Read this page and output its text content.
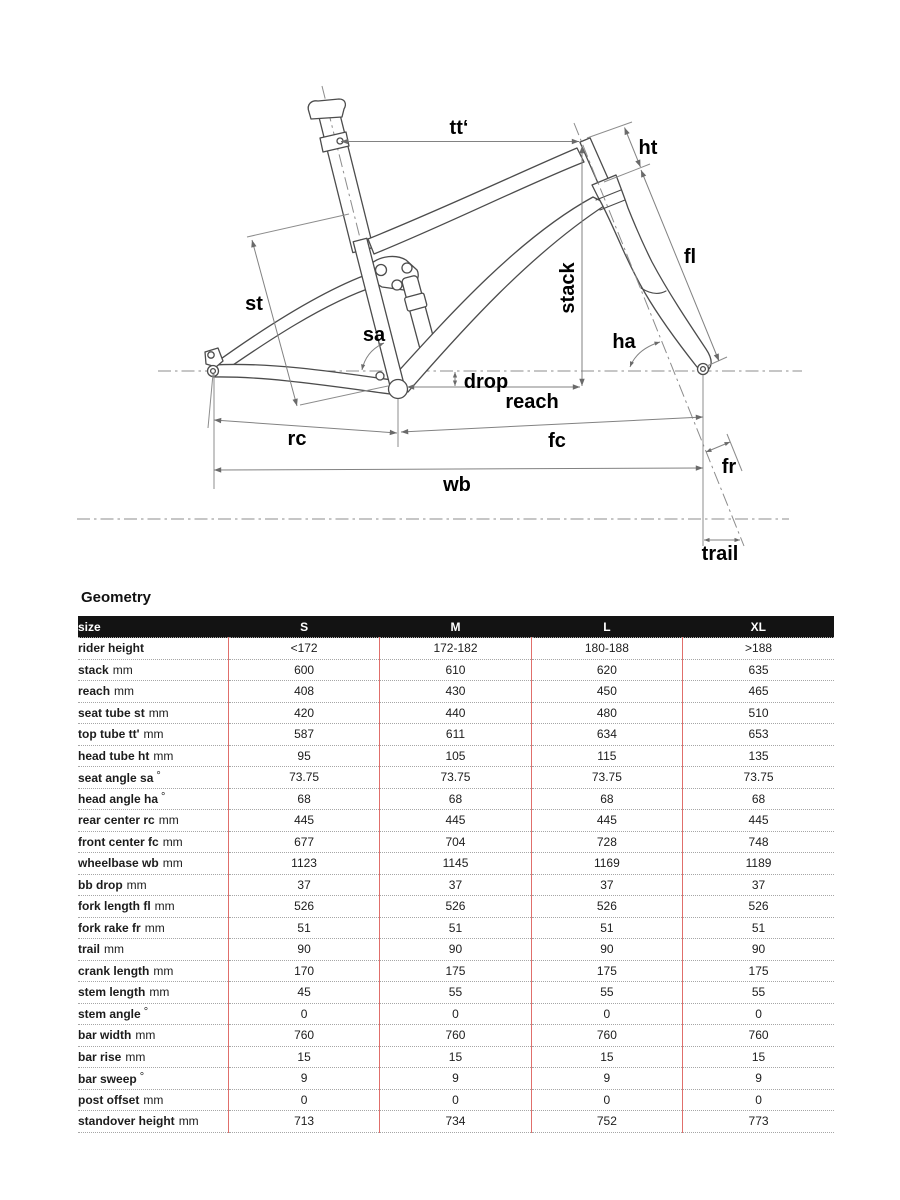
tt‘
ht
fl
stack
st
sa	ha
drop
reach
rc	fc
fr
wb
trail
Geometry
size	S	M	L	XL
rider height	<172	172-182	180-188	>188
stack mm	600	610	620	635
reach mm	408	430	450	465
seat tube st mm	420	440	480	510
top tube tt' mm	587	611	634	653
head tube ht mm	95	105	115	135
seat angle sa °	73.75	73.75	73.75	73.75
head angle ha °	68	68	68	68
rear center rc mm	445	445	445	445
front center fc mm	677	704	728	748
wheelbase wb mm	1123	1145	1169	1189
bb drop mm	37	37	37	37
fork length fl mm	526	526	526	526
fork rake fr mm	51	51	51	51
trail mm	90	90	90	90
crank length mm	170	175	175	175
stem length mm	45	55	55	55
stem angle °	0	0	0	0
bar width mm	760	760	760	760
bar rise mm	15	15	15	15
bar sweep °	9	9	9	9
post offset mm	0	0	0	0
standover height mm	713	734	752	773
